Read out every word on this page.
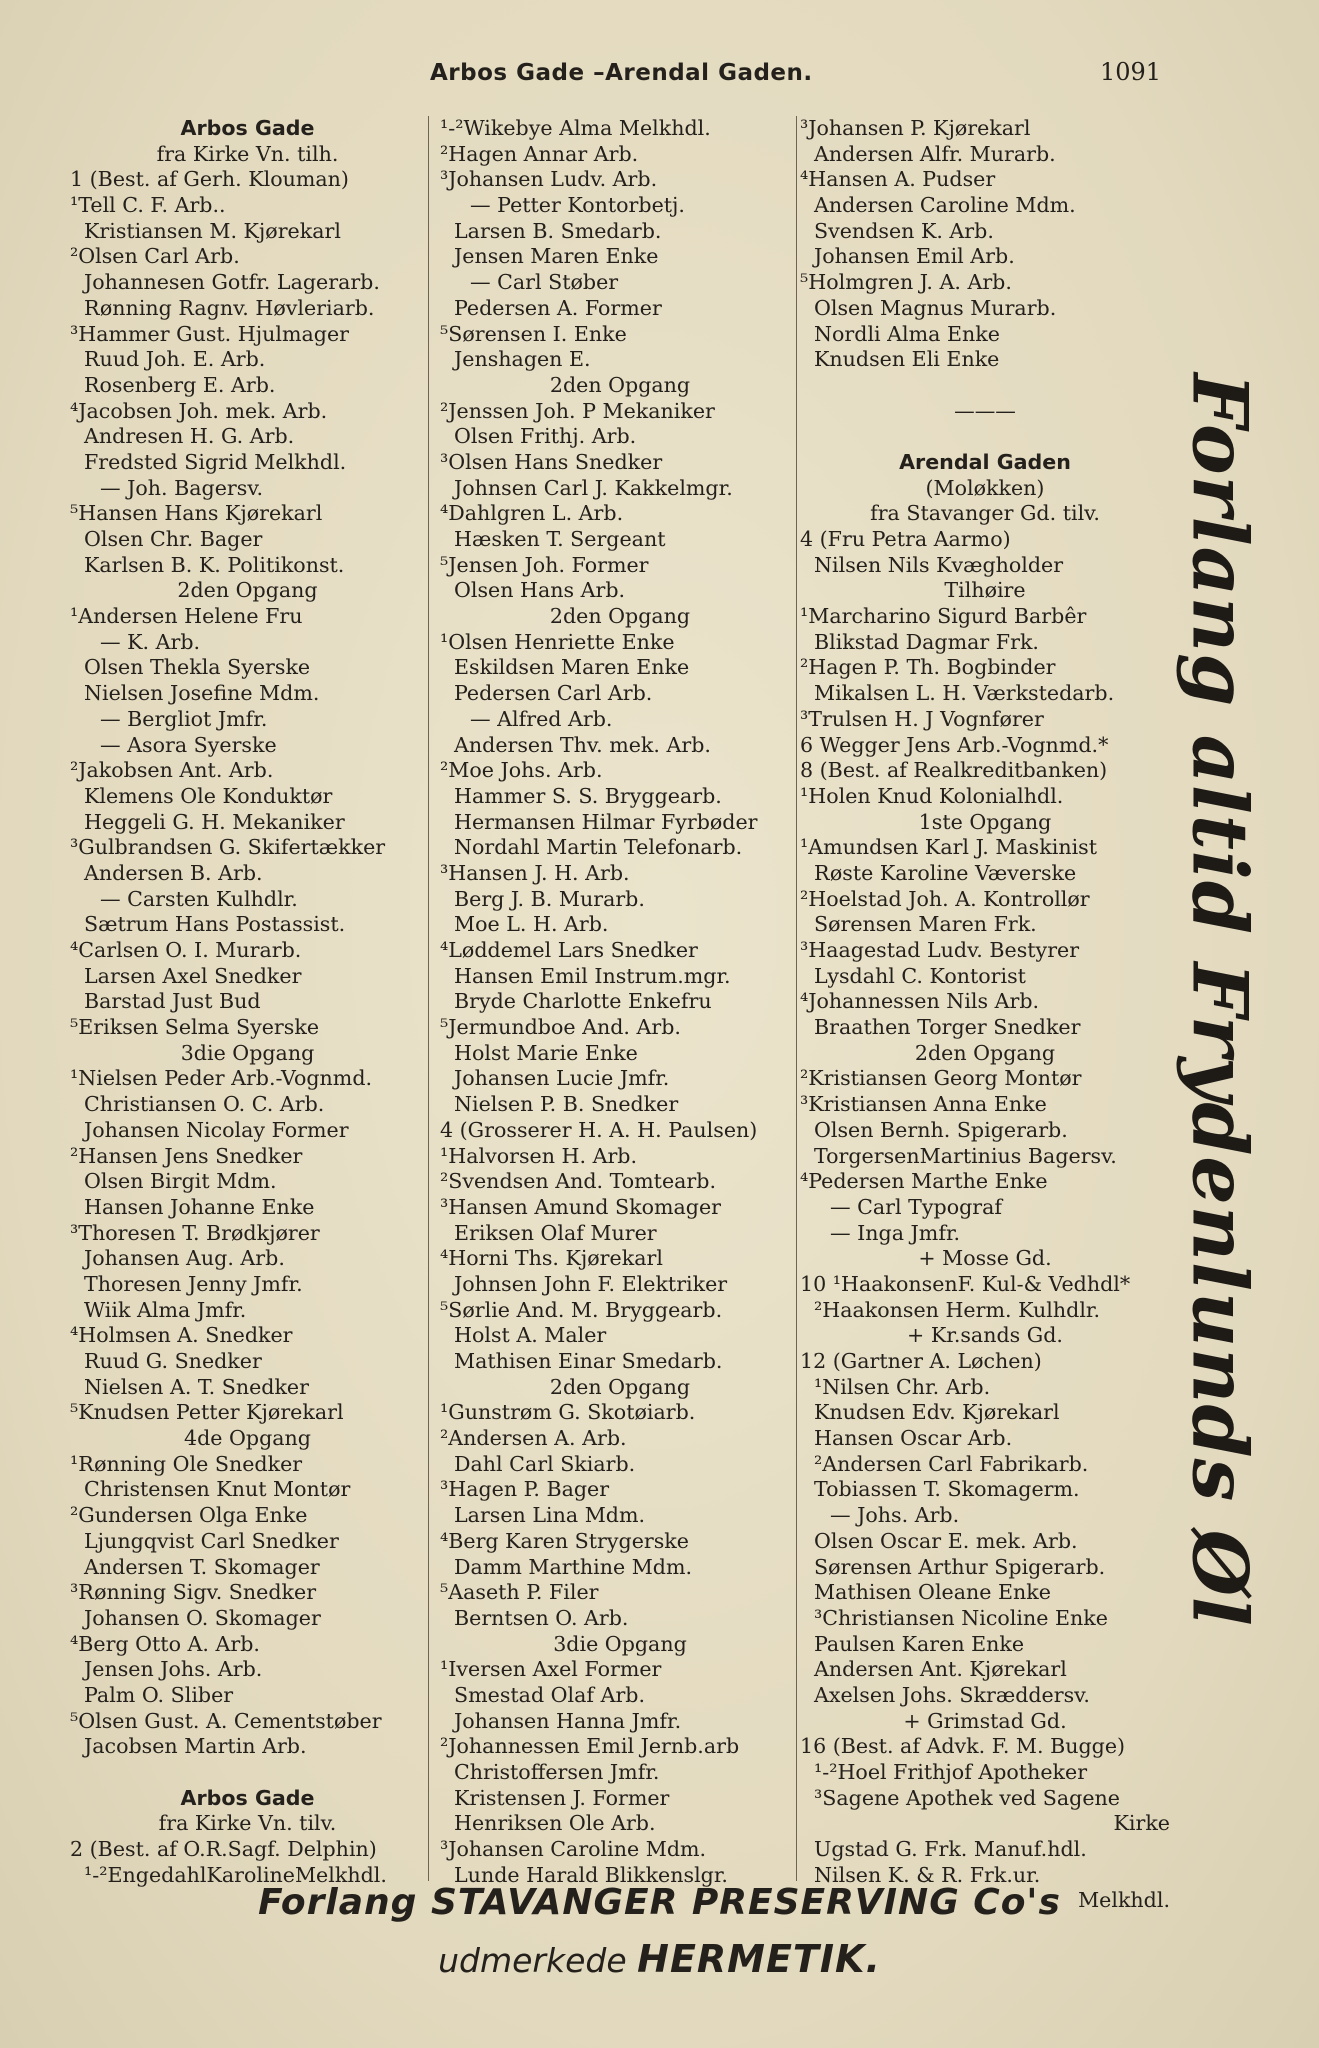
Arbos Gade –Arendal Gaden.	1091
Arbos Gade
fra Kirke Vn. tilh.
1 (Best. af Gerh. Klouman)
¹Tell C. F. Arb..
Kristiansen M. Kjørekarl
²Olsen Carl Arb.
Johannesen Gotfr. Lagerarb.
Rønning Ragnv. Høvleriarb.
³Hammer Gust. Hjulmager
Ruud Joh. E. Arb.
Rosenberg E. Arb.
⁴Jacobsen Joh. mek. Arb.
Andresen H. G. Arb.
Fredsted Sigrid Melkhdl.
— Joh. Bagersv.
⁵Hansen Hans Kjørekarl
Olsen Chr. Bager
Karlsen B. K. Politikonst.
2den Opgang
¹Andersen Helene Fru
— K. Arb.
Olsen Thekla Syerske
Nielsen Josefine Mdm.
— Bergliot Jmfr.
— Asora Syerske
²Jakobsen Ant. Arb.
Klemens Ole Konduktør
Heggeli G. H. Mekaniker
³Gulbrandsen G. Skifertækker
Andersen B. Arb.
— Carsten Kulhdlr.
Sætrum Hans Postassist.
⁴Carlsen O. I. Murarb.
Larsen Axel Snedker
Barstad Just Bud
⁵Eriksen Selma Syerske
3die Opgang
¹Nielsen Peder Arb.-Vognmd.
Christiansen O. C. Arb.
Johansen Nicolay Former
²Hansen Jens Snedker
Olsen Birgit Mdm.
Hansen Johanne Enke
³Thoresen T. Brødkjører
Johansen Aug. Arb.
Thoresen Jenny Jmfr.
Wiik Alma Jmfr.
⁴Holmsen A. Snedker
Ruud G. Snedker
Nielsen A. T. Snedker
⁵Knudsen Petter Kjørekarl
4de Opgang
¹Rønning Ole Snedker
Christensen Knut Montør
²Gundersen Olga Enke
Ljungqvist Carl Snedker
Andersen T. Skomager
³Rønning Sigv. Snedker
Johansen O. Skomager
⁴Berg Otto A. Arb.
Jensen Johs. Arb.
Palm O. Sliber
⁵Olsen Gust. A. Cementstøber
Jacobsen Martin Arb.
Arbos Gade
fra Kirke Vn. tilv.
2 (Best. af O.R.Sagf. Delphin)
¹-²EngedahlKarolineMelkhdl.
¹-²Wikebye Alma Melkhdl.
²Hagen Annar Arb.
³Johansen Ludv. Arb.
— Petter Kontorbetj.
Larsen B. Smedarb.
Jensen Maren Enke
— Carl Støber
Pedersen A. Former
⁵Sørensen I. Enke
Jenshagen E.
2den Opgang
²Jenssen Joh. P Mekaniker
Olsen Frithj. Arb.
³Olsen Hans Snedker
Johnsen Carl J. Kakkelmgr.
⁴Dahlgren L. Arb.
Hæsken T. Sergeant
⁵Jensen Joh. Former
Olsen Hans Arb.
2den Opgang
¹Olsen Henriette Enke
Eskildsen Maren Enke
Pedersen Carl Arb.
— Alfred Arb.
Andersen Thv. mek. Arb.
²Moe Johs. Arb.
Hammer S. S. Bryggearb.
Hermansen Hilmar Fyrbøder
Nordahl Martin Telefonarb.
³Hansen J. H. Arb.
Berg J. B. Murarb.
Moe L. H. Arb.
⁴Løddemel Lars Snedker
Hansen Emil Instrum.mgr.
Bryde Charlotte Enkefru
⁵Jermundboe And. Arb.
Holst Marie Enke
Johansen Lucie Jmfr.
Nielsen P. B. Snedker
4 (Grosserer H. A. H. Paulsen)
¹Halvorsen H. Arb.
²Svendsen And. Tomtearb.
³Hansen Amund Skomager
Eriksen Olaf Murer
⁴Horni Ths. Kjørekarl
Johnsen John F. Elektriker
⁵Sørlie And. M. Bryggearb.
Holst A. Maler
Mathisen Einar Smedarb.
2den Opgang
¹Gunstrøm G. Skotøiarb.
²Andersen A. Arb.
Dahl Carl Skiarb.
³Hagen P. Bager
Larsen Lina Mdm.
⁴Berg Karen Strygerske
Damm Marthine Mdm.
⁵Aaseth P. Filer
Berntsen O. Arb.
3die Opgang
¹Iversen Axel Former
Smestad Olaf Arb.
Johansen Hanna Jmfr.
²Johannessen Emil Jernb.arb
Christoffersen Jmfr.
Kristensen J. Former
Henriksen Ole Arb.
³Johansen Caroline Mdm.
Lunde Harald Blikkenslgr.
³Johansen P. Kjørekarl
Andersen Alfr. Murarb.
⁴Hansen A. Pudser
Andersen Caroline Mdm.
Svendsen K. Arb.
Johansen Emil Arb.
⁵Holmgren J. A. Arb.
Olsen Magnus Murarb.
Nordli Alma Enke
Knudsen Eli Enke
———
Arendal Gaden
(Moløkken)
fra Stavanger Gd. tilv.
4 (Fru Petra Aarmo)
Nilsen Nils Kvægholder
Tilhøire
¹Marcharino Sigurd Barbêr
Blikstad Dagmar Frk.
²Hagen P. Th. Bogbinder
Mikalsen L. H. Værkstedarb.
³Trulsen H. J Vognfører
6 Wegger Jens Arb.-Vognmd.*
8 (Best. af Realkreditbanken)
¹Holen Knud Kolonialhdl.
1ste Opgang
¹Amundsen Karl J. Maskinist
Røste Karoline Væverske
²Hoelstad Joh. A. Kontrollør
Sørensen Maren Frk.
³Haagestad Ludv. Bestyrer
Lysdahl C. Kontorist
⁴Johannessen Nils Arb.
Braathen Torger Snedker
2den Opgang
²Kristiansen Georg Montør
³Kristiansen Anna Enke
Olsen Bernh. Spigerarb.
TorgersenMartinius Bagersv.
⁴Pedersen Marthe Enke
— Carl Typograf
— Inga Jmfr.
+ Mosse Gd.
10 ¹HaakonsenF. Kul-& Vedhdl*
²Haakonsen Herm. Kulhdlr.
+ Kr.sands Gd.
12 (Gartner A. Løchen)
¹Nilsen Chr. Arb.
Knudsen Edv. Kjørekarl
Hansen Oscar Arb.
²Andersen Carl Fabrikarb.
Tobiassen T. Skomagerm.
— Johs. Arb.
Olsen Oscar E. mek. Arb.
Sørensen Arthur Spigerarb.
Mathisen Oleane Enke
³Christiansen Nicoline Enke
Paulsen Karen Enke
Andersen Ant. Kjørekarl
Axelsen Johs. Skræddersv.
+ Grimstad Gd.
16 (Best. af Advk. F. M. Bugge)
¹-²Hoel Frithjof Apotheker
³Sagene Apothek ved Sagene
Kirke
Ugstad G. Frk. Manuf.hdl.
Nilsen K. & R. Frk.ur.
Melkhdl.
Forlang altid Frydenlunds Øl
Forlang STAVANGER PRESERVING Co's
udmerkede HERMETIK.
